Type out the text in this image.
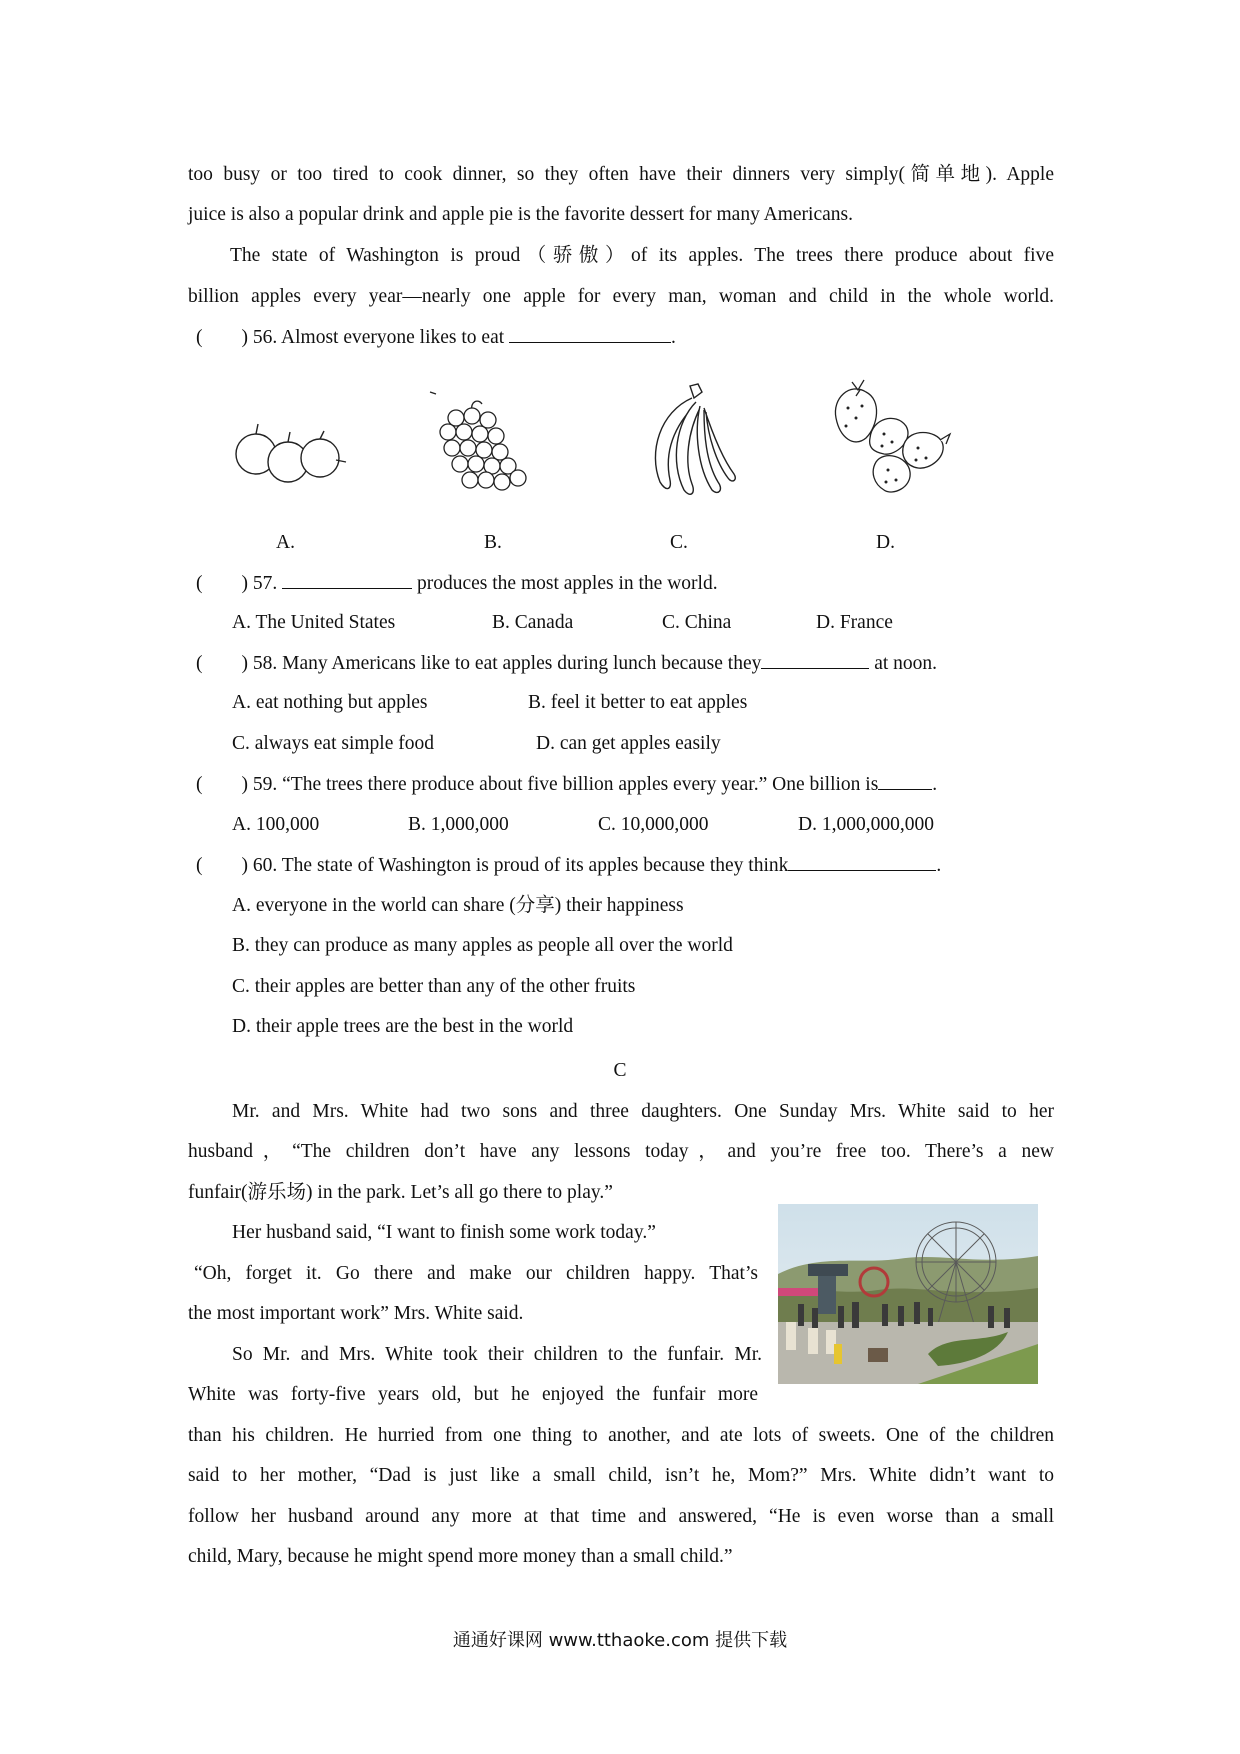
too busy or too tired to cook dinner, so they often have their dinners very simply(简单地). Apple
juice is also a popular drink and apple pie is the favorite dessert for many Americans.
The state of Washington is proud（骄傲）of its apples. The trees there produce about five
billion apples every year—nearly one apple for every man, woman and child in the whole world.
(　　) 56. Almost everyone likes to eat	.
A.	B.	C.	D.
(　　) 57.	produces the most apples in the world.
A. The United States	B. Canada	C. China	D. France
(　　) 58. Many Americans like to eat apples during lunch because they	at noon.
A. eat nothing but apples	B. feel it better to eat apples
C. always eat simple food	D. can get apples easily
(　　) 59. “The trees there produce about five billion apples every year.” One billion is	.
A. 100,000	B. 1,000,000	C. 10,000,000	D. 1,000,000,000
(　　) 60. The state of Washington is proud of its apples because they think	.
A. everyone in the world can share (分享) their happiness
B. they can produce as many apples as people all over the world
C. their apples are better than any of the other fruits
D. their apple trees are the best in the world
C
Mr. and Mrs. White had two sons and three daughters. One Sunday Mrs. White said to her
husband，“The children don’t have any lessons today，and you’re free too. There’s a new
funfair(游乐场) in the park. Let’s all go there to play.”
Her husband said, “I want to finish some work today.”
“Oh, forget it. Go there and make our children happy. That’s
the most important work” Mrs. White said.
So Mr. and Mrs. White took their children to the funfair. Mr.
White was forty-five years old, but he enjoyed the funfair more
than his children. He hurried from one thing to another, and ate lots of sweets. One of the children
said to her mother, “Dad is just like a small child, isn’t he, Mom?” Mrs. White didn’t want to
follow her husband around any more at that time and answered, “He is even worse than a small
child, Mary, because he might spend more money than a small child.”
通通好课网 www.tthaoke.com 提供下载
